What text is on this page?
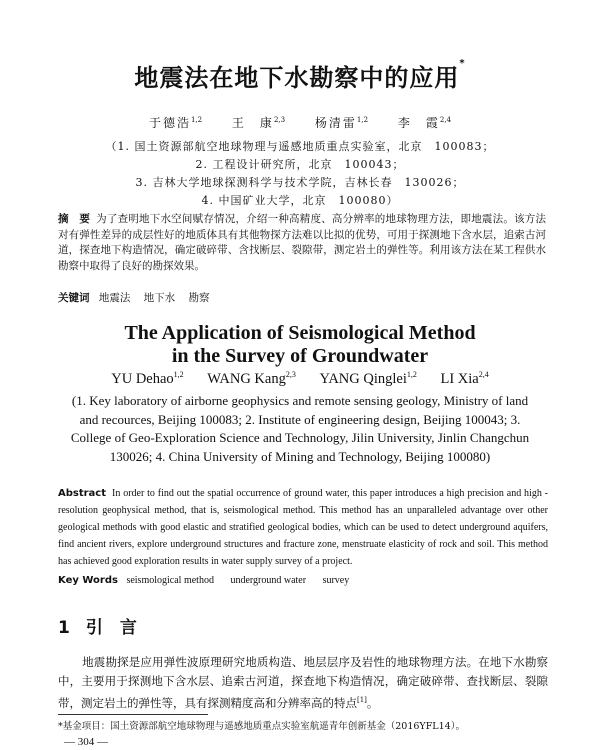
地震法在地下水勘察中的应用*
于德浩$^{1,2}$ 王　康$^{2,3}$ 杨清雷$^{1,2}$ 李　霞$^{2,4}$
（1. 国土资源部航空地球物理与遥感地质重点实验室，北京　100083；
2. 工程设计研究所，北京　100043；
3. 吉林大学地球探测科学与技术学院，吉林长春　130026；
4. 中国矿业大学，北京　100080）
摘　要 为了查明地下水空间赋存情况，介绍一种高精度、高分辨率的地球物理方法，即地震法。该方法对有弹性差异的成层性好的地质体具有其他物探方法难以比拟的优势，可用于探测地下含水层，追索古河道，探查地下构造情况，确定破碎带、含找断层、裂隙带，测定岩土的弹性等。利用该方法在某工程供水勘察中取得了良好的勘探效果。
关键词 地震法 地下水 勘察
The Application of Seismological Method
in the Survey of Groundwater
YU Dehao$^{1,2}$ WANG Kang$^{2,3}$ YANG Qinglei$^{1,2}$ LI Xia$^{2,4}$
(1. Key laboratory of airborne geophysics and remote sensing geology, Ministry of land and recources, Beijing 100083; 2. Institute of engineering design, Beijing 100043; 3. College of Geo-Exploration Science and Technology, Jilin University, Jinlin Changchun 130026; 4. China University of Mining and Technology, Beijing 100080)
Abstract In order to find out the spatial occurrence of ground water, this paper introduces a high precision and high - resolution geophysical method, that is, seismological method. This method has an unparalleled advantage over other geological methods with good elastic and stratified geological bodies, which can be used to detect underground aquifers, find ancient rivers, explore underground structures and fracture zone, menstruate elasticity of rock and soil. This method has achieved good exploration results in water supply survey of a project.
Key Words seismological method underground water survey
1 引　言
地震勘探是应用弹性波原理研究地质构造、地层层序及岩性的地球物理方法。在地下水勘察中，主要用于探测地下含水层、追索古河道，探查地下构造情况，确定破碎带、查找断层、裂隙带，测定岩土的弹性等，具有探测精度高和分辨率高的特点[1]。
*基金项目：国土资源部航空地球物理与遥感地质重点实验室航遥青年创新基金（2016YFL14）。
— 304 —
